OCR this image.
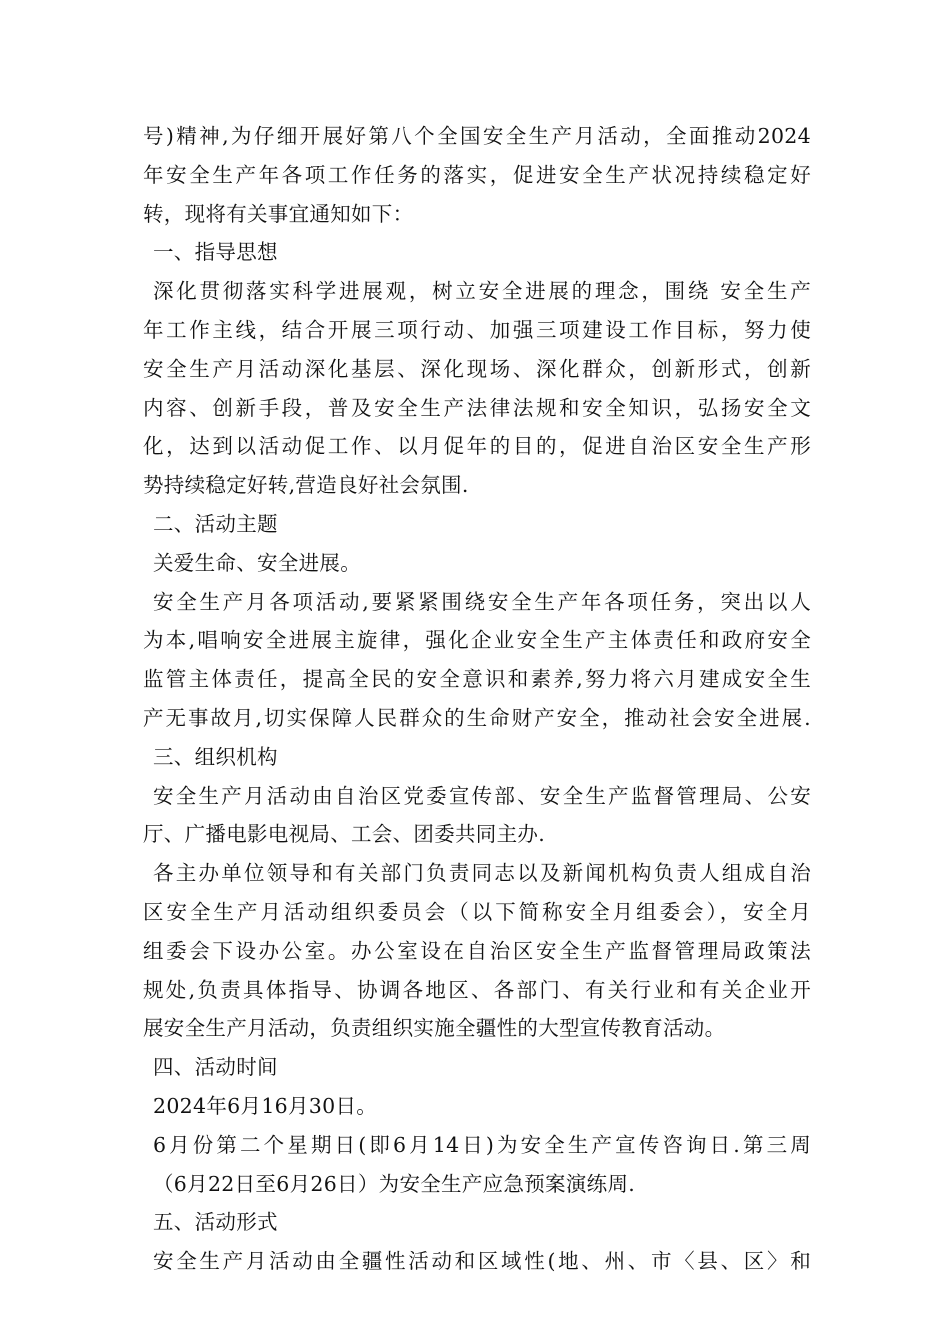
号)精神,为仔细开展好第八个全国安全生产月活动，全面推动2024
年安全生产年各项工作任务的落实，促进安全生产状况持续稳定好
转，现将有关事宜通知如下：
一、指导思想
深化贯彻落实科学进展观，树立安全进展的理念，围绕 安全生产
年工作主线，结合开展三项行动、加强三项建设工作目标，努力使
安全生产月活动深化基层、深化现场、深化群众，创新形式，创新
内容、创新手段，普及安全生产法律法规和安全知识，弘扬安全文
化，达到以活动促工作、以月促年的目的，促进自治区安全生产形
势持续稳定好转,营造良好社会氛围.
二、活动主题
关爱生命、安全进展。
安全生产月各项活动,要紧紧围绕安全生产年各项任务，突出以人
为本,唱响安全进展主旋律，强化企业安全生产主体责任和政府安全
监管主体责任，提高全民的安全意识和素养,努力将六月建成安全生
产无事故月,切实保障人民群众的生命财产安全，推动社会安全进展.
三、组织机构
安全生产月活动由自治区党委宣传部、安全生产监督管理局、公安
厅、广播电影电视局、工会、团委共同主办.
各主办单位领导和有关部门负责同志以及新闻机构负责人组成自治
区安全生产月活动组织委员会（以下简称安全月组委会），安全月
组委会下设办公室。办公室设在自治区安全生产监督管理局政策法
规处,负责具体指导、协调各地区、各部门、有关行业和有关企业开
展安全生产月活动，负责组织实施全疆性的大型宣传教育活动。
四、活动时间
2024年6月16月30日。
6月份第二个星期日(即6月14日)为安全生产宣传咨询日.第三周
（6月22日至6月26日）为安全生产应急预案演练周.
五、活动形式
安全生产月活动由全疆性活动和区域性(地、州、市〈县、区〉和
